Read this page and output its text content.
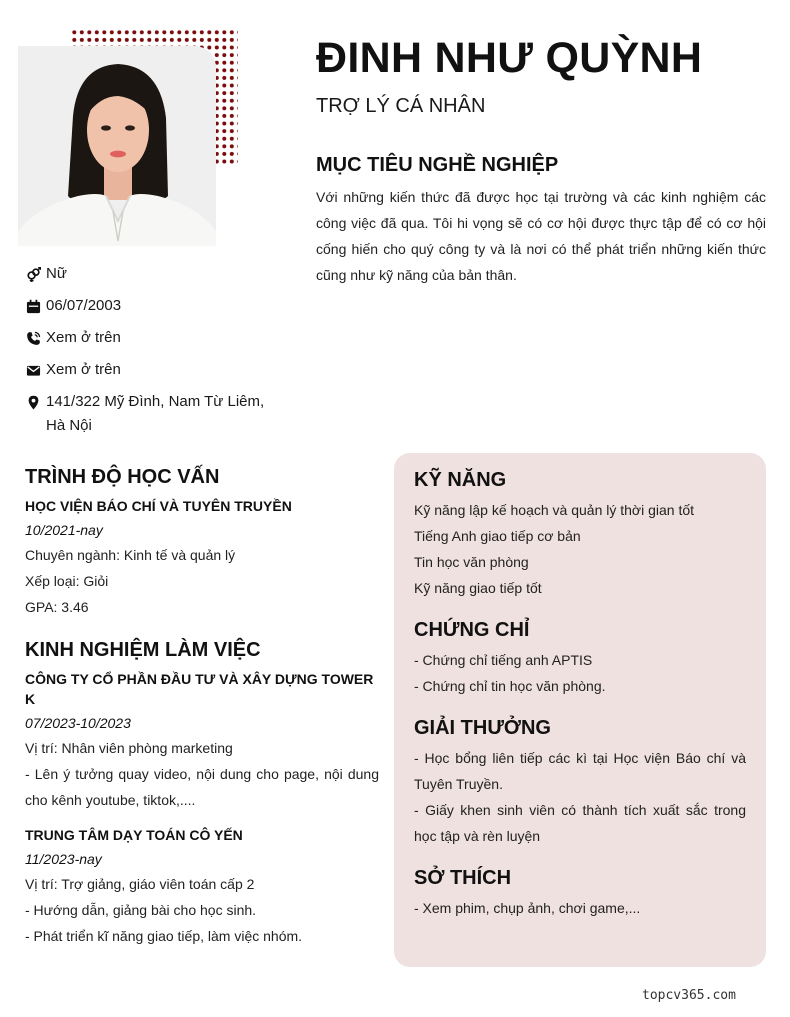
Nữ
06/07/2003
Xem ở trên
Xem ở trên
141/322 Mỹ Đình, Nam Từ Liêm,
Hà Nội
ĐINH NHƯ QUỲNH
TRỢ LÝ CÁ NHÂN
MỤC TIÊU NGHỀ NGHIỆP
Với những kiến thức đã được học tại trường và các kinh nghiệm các công việc đã qua. Tôi hi vọng sẽ có cơ hội được thực tập để có cơ hội cống hiến cho quý công ty và là nơi có thể phát triển những kiến thức cũng như kỹ năng của bản thân.
TRÌNH ĐỘ HỌC VẤN
HỌC VIỆN BÁO CHÍ VÀ TUYÊN TRUYỀN
10/2021-nay
Chuyên ngành: Kinh tế và quản lý
Xếp loại: Giỏi
GPA: 3.46
KINH NGHIỆM LÀM VIỆC
CÔNG TY CỔ PHẦN ĐẦU TƯ VÀ XÂY DỰNG TOWER K
07/2023-10/2023
Vị trí: Nhân viên phòng marketing
- Lên ý tưởng quay video, nội dung cho page, nội dung cho kênh youtube, tiktok,....
TRUNG TÂM DẠY TOÁN CÔ YẾN
11/2023-nay
Vị trí: Trợ giảng, giáo viên toán cấp 2
- Hướng dẫn, giảng bài cho học sinh.
- Phát triển kĩ năng giao tiếp, làm việc nhóm.
KỸ NĂNG
Kỹ năng lập kế hoạch và quản lý thời gian tốt
Tiếng Anh giao tiếp cơ bản
Tin học văn phòng
Kỹ năng giao tiếp tốt
CHỨNG CHỈ
- Chứng chỉ tiếng anh APTIS
- Chứng chỉ tin học văn phòng.
GIẢI THƯỞNG
- Học bổng liên tiếp các kì tại Học viện Báo chí và Tuyên Truyền.
- Giấy khen sinh viên có thành tích xuất sắc trong học tập và rèn luyện
SỞ THÍCH
- Xem phim, chụp ảnh, chơi game,...
topcv365.com
